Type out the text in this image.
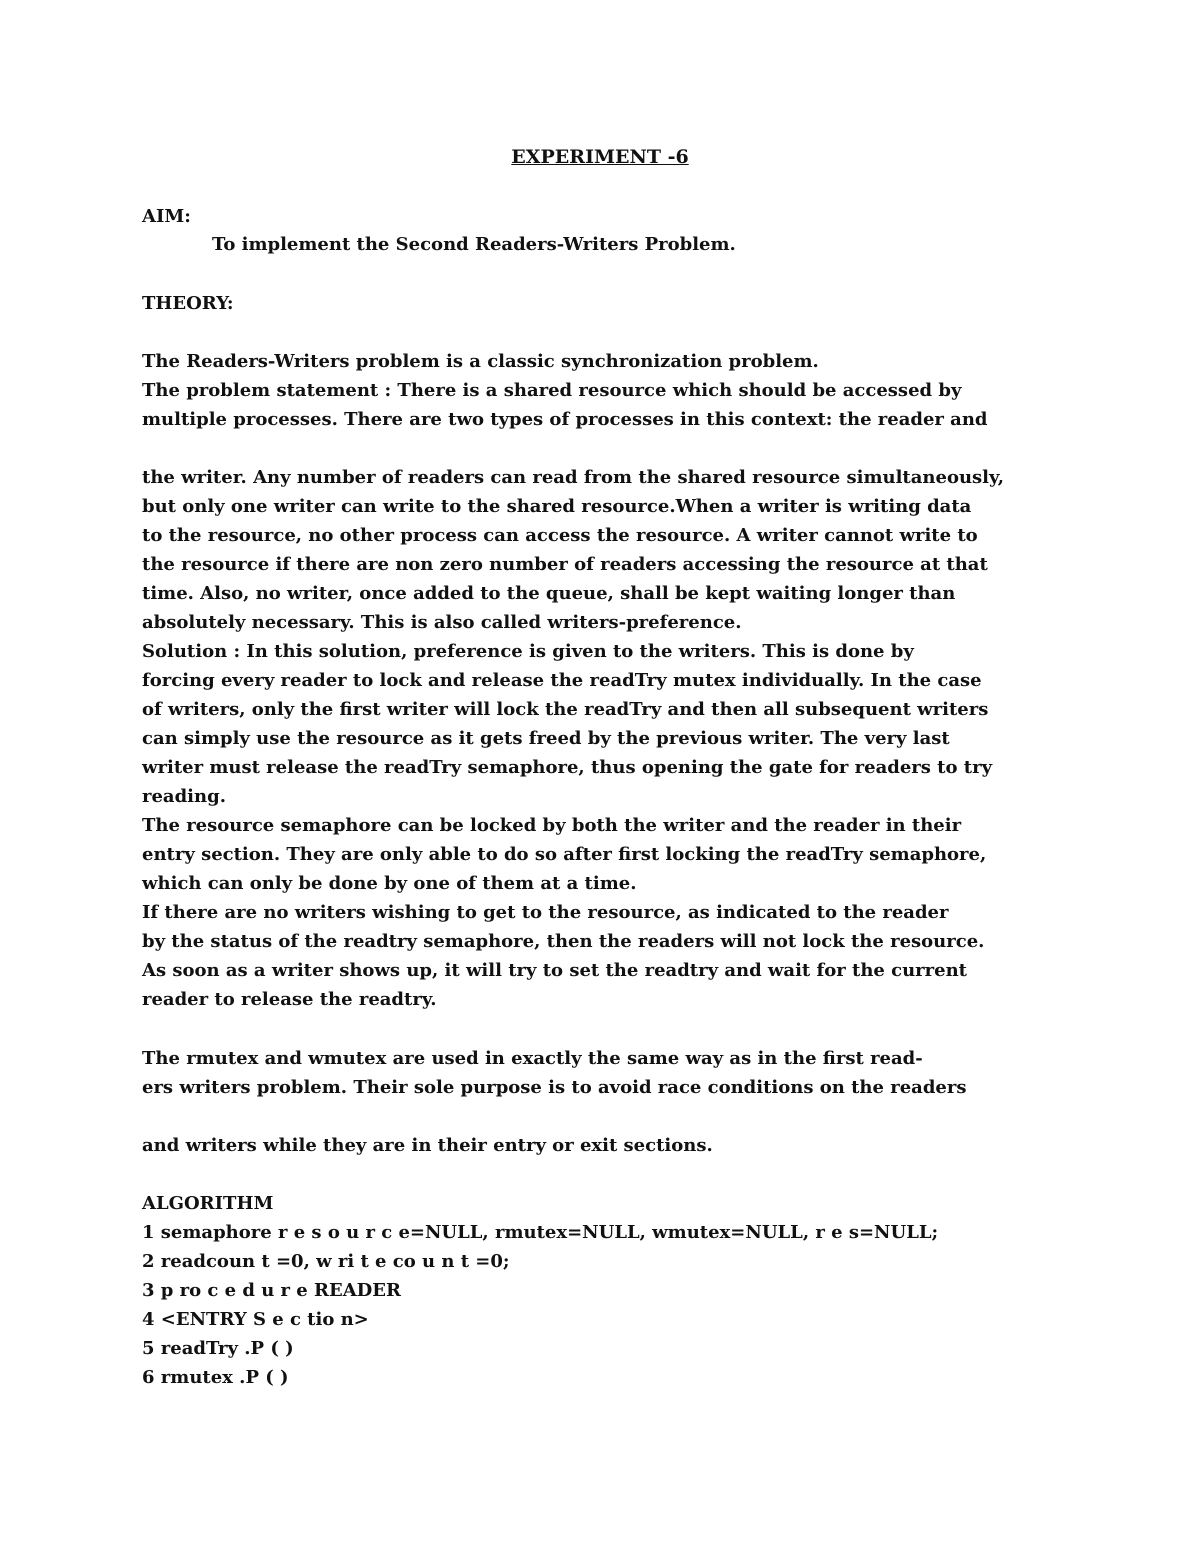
EXPERIMENT -6

AIM:

To implement the Second Readers-Writers Problem.

THEORY:

The Readers-Writers problem is a classic synchronization problem.

The problem statement : There is a shared resource which should be accessed by

multiple processes. There are two types of processes in this context: the reader and

the writer. Any number of readers can read from the shared resource simultaneously,

but only one writer can write to the shared resource.When a writer is writing data

to the resource, no other process can access the resource. A writer cannot write to

the resource if there are non zero number of readers accessing the resource at that

time. Also, no writer, once added to the queue, shall be kept waiting longer than

absolutely necessary. This is also called writers-preference.

Solution : In this solution, preference is given to the writers. This is done by

forcing every reader to lock and release the readTry mutex individually. In the case

of writers, only the first writer will lock the readTry and then all subsequent writers

can simply use the resource as it gets freed by the previous writer. The very last

writer must release the readTry semaphore, thus opening the gate for readers to try

reading.

The resource semaphore can be locked by both the writer and the reader in their

entry section. They are only able to do so after first locking the readTry semaphore,

which can only be done by one of them at a time.

If there are no writers wishing to get to the resource, as indicated to the reader

by the status of the readtry semaphore, then the readers will not lock the resource.

As soon as a writer shows up, it will try to set the readtry and wait for the current

reader to release the readtry.

The rmutex and wmutex are used in exactly the same way as in the first read-

ers writers problem. Their sole purpose is to avoid race conditions on the readers

and writers while they are in their entry or exit sections.

ALGORITHM

1 semaphore r e s o u r c e=NULL, rmutex=NULL, wmutex=NULL, r e s=NULL;

2 readcoun t =0, w ri t e co u n t =0;

3 p ro c e d u r e READER

4 <ENTRY S e c tio n>

5 readTry .P ( )

6 rmutex .P ( )
